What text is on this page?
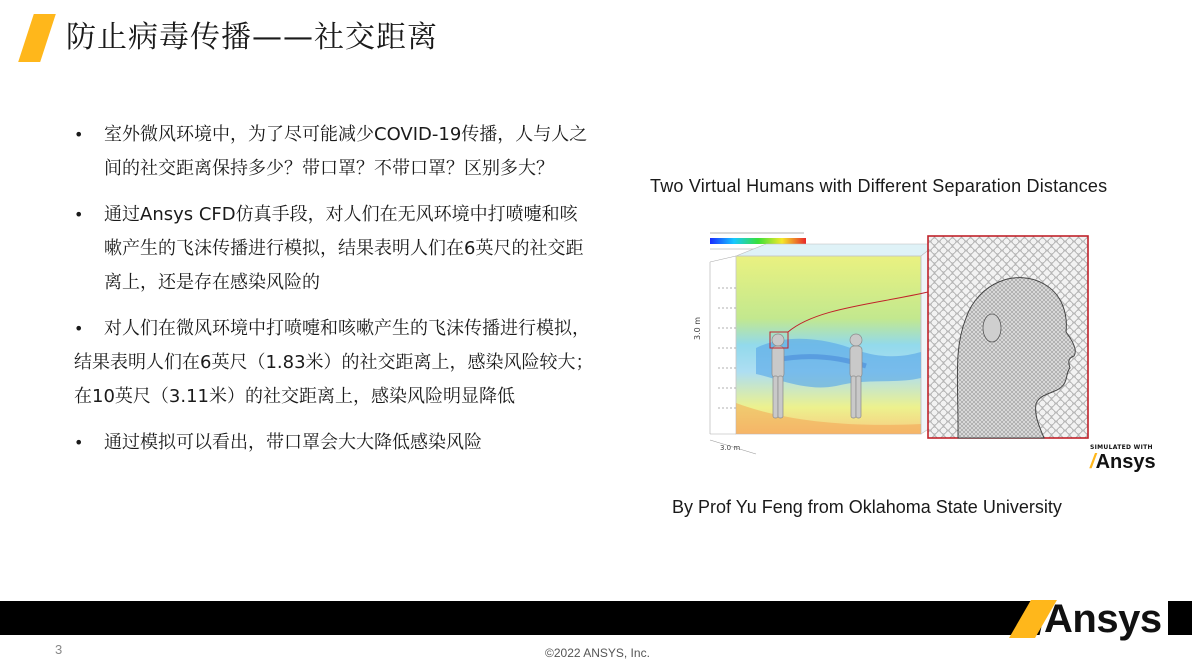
防止病毒传播——社交距离

•	室外微风环境中，为了尽可能减少COVID-19传播，人与人之间的社交距离保持多少？带口罩？不带口罩？区别多大？

•	通过Ansys CFD仿真手段，对人们在无风环境中打喷嚏和咳嗽产生的飞沫传播进行模拟，结果表明人们在6英尺的社交距离上，还是存在感染风险的

• 对人们在微风环境中打喷嚏和咳嗽产生的飞沫传播进行模拟，结果表明人们在6英尺（1.83米）的社交距离上，感染风险较大；在10英尺（3.11米）的社交距离上，感染风险明显降低

•	通过模拟可以看出，带口罩会大大降低感染风险

Two Virtual Humans with Different Separation Distances
3.0 m
3.0 m	SIMULATED WITH
/Ansys
By Prof Yu Feng from Oklahoma State University
Ansys
3	©2022 ANSYS, Inc.
